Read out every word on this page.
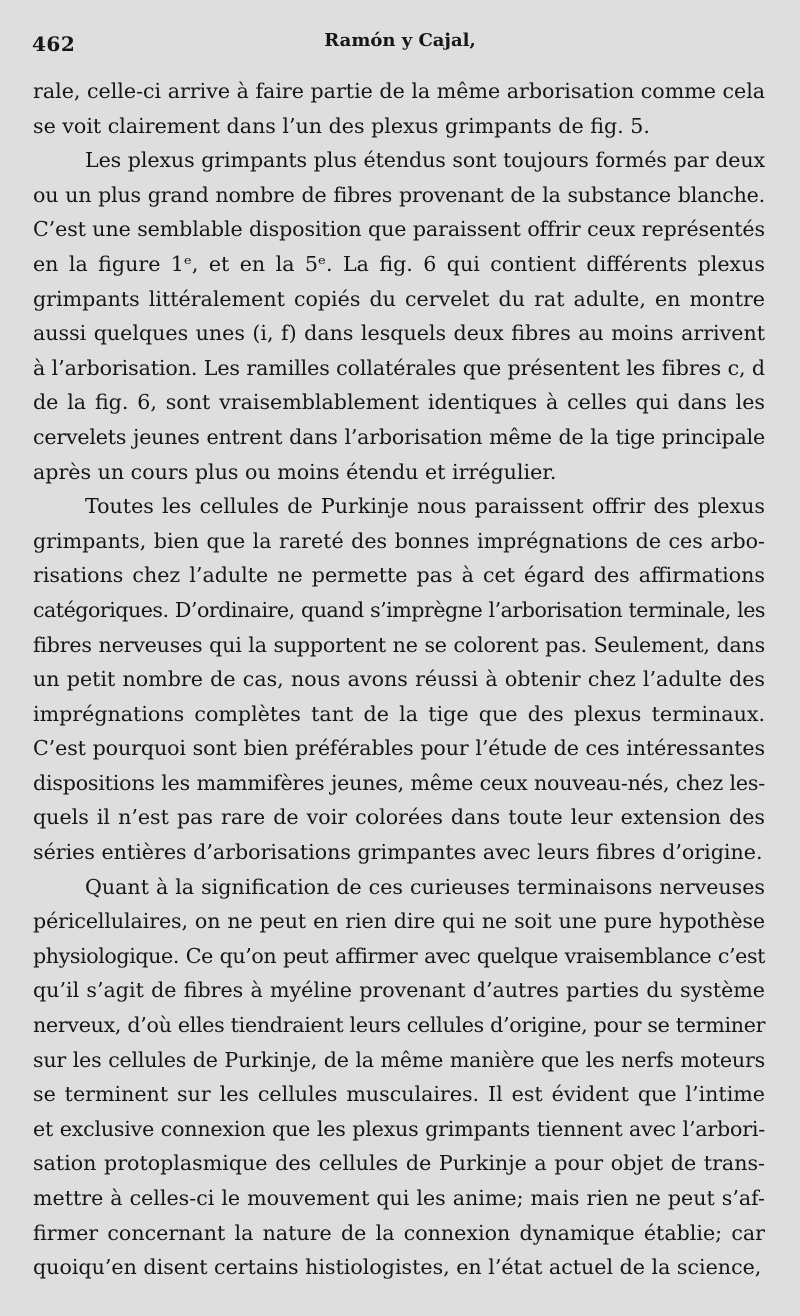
462	Ramón y Cajal,
rale, celle-ci arrive à faire partie de la même arborisation comme cela
se voit clairement dans l’un des plexus grimpants de fig. 5.
Les plexus grimpants plus étendus sont toujours formés par deux
ou un plus grand nombre de fibres provenant de la substance blanche.
C’est une semblable disposition que paraissent offrir ceux représentés
en la figure 1ᵉ, et en la 5ᵉ. La fig. 6 qui contient différents plexus
grimpants littéralement copiés du cervelet du rat adulte, en montre
aussi quelques unes (i, f) dans lesquels deux fibres au moins arrivent
à l’arborisation. Les ramilles collatérales que présentent les fibres c, d
de la fig. 6, sont vraisemblablement identiques à celles qui dans les
cervelets jeunes entrent dans l’arborisation même de la tige principale
après un cours plus ou moins étendu et irrégulier.
Toutes les cellules de Purkinje nous paraissent offrir des plexus
grimpants, bien que la rareté des bonnes imprégnations de ces arbo-
risations chez l’adulte ne permette pas à cet égard des affirmations
catégoriques. D’ordinaire, quand s’imprègne l’arborisation terminale, les
fibres nerveuses qui la supportent ne se colorent pas. Seulement, dans
un petit nombre de cas, nous avons réussi à obtenir chez l’adulte des
imprégnations complètes tant de la tige que des plexus terminaux.
C’est pourquoi sont bien préférables pour l’étude de ces intéressantes
dispositions les mammifères jeunes, même ceux nouveau-nés, chez les-
quels il n’est pas rare de voir colorées dans toute leur extension des
séries entières d’arborisations grimpantes avec leurs fibres d’origine.
Quant à la signification de ces curieuses terminaisons nerveuses
péricellulaires, on ne peut en rien dire qui ne soit une pure hypothèse
physiologique. Ce qu’on peut affirmer avec quelque vraisemblance c’est
qu’il s’agit de fibres à myéline provenant d’autres parties du système
nerveux, d’où elles tiendraient leurs cellules d’origine, pour se terminer
sur les cellules de Purkinje, de la même manière que les nerfs moteurs
se terminent sur les cellules musculaires. Il est évident que l’intime
et exclusive connexion que les plexus grimpants tiennent avec l’arbori-
sation protoplasmique des cellules de Purkinje a pour objet de trans-
mettre à celles-ci le mouvement qui les anime; mais rien ne peut s’af-
firmer concernant la nature de la connexion dynamique établie; car
quoiqu’en disent certains histiologistes, en l’état actuel de la science,
